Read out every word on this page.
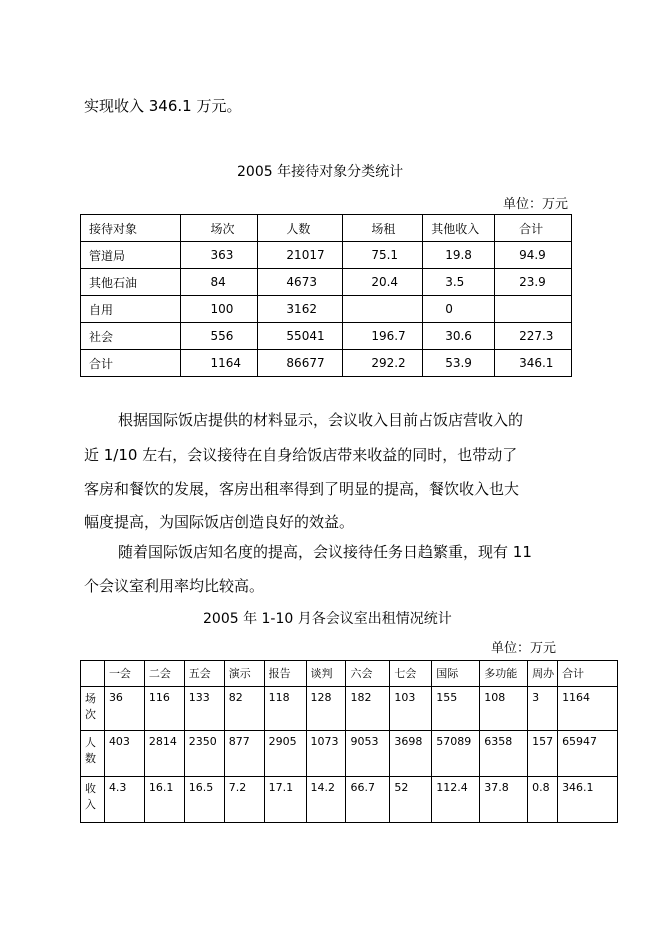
实现收入 346.1 万元。
2005 年接待对象分类统计
单位：万元
接待对象	场次	人数	场租	其他收入	合计
管道局	363	21017	75.1	19.8	94.9
其他石油	84	4673	20.4	3.5	23.9
自用	100	3162		0	
社会	556	55041	196.7	30.6	227.3
合计	1164	86677	292.2	53.9	346.1
根据国际饭店提供的材料显示，会议收入目前占饭店营收入的
近 1/10 左右，会议接待在自身给饭店带来收益的同时，也带动了
客房和餐饮的发展，客房出租率得到了明显的提高，餐饮收入也大
幅度提高，为国际饭店创造良好的效益。
随着国际饭店知名度的提高，会议接待任务日趋繁重，现有 11
个会议室利用率均比较高。
2005 年 1-10 月各会议室出租情况统计
单位：万元
	一会	二会	五会	演示	报告	谈判	六会	七会	国际	多功能	周办	合计

场
次	36	116	133	82	118	128	182	103	155	108	3	1164

人
数	403	2814	2350	877	2905	1073	9053	3698	57089	6358	157	65947

收
入	4.3	16.1	16.5	7.2	17.1	14.2	66.7	52	112.4	37.8	0.8	346.1
